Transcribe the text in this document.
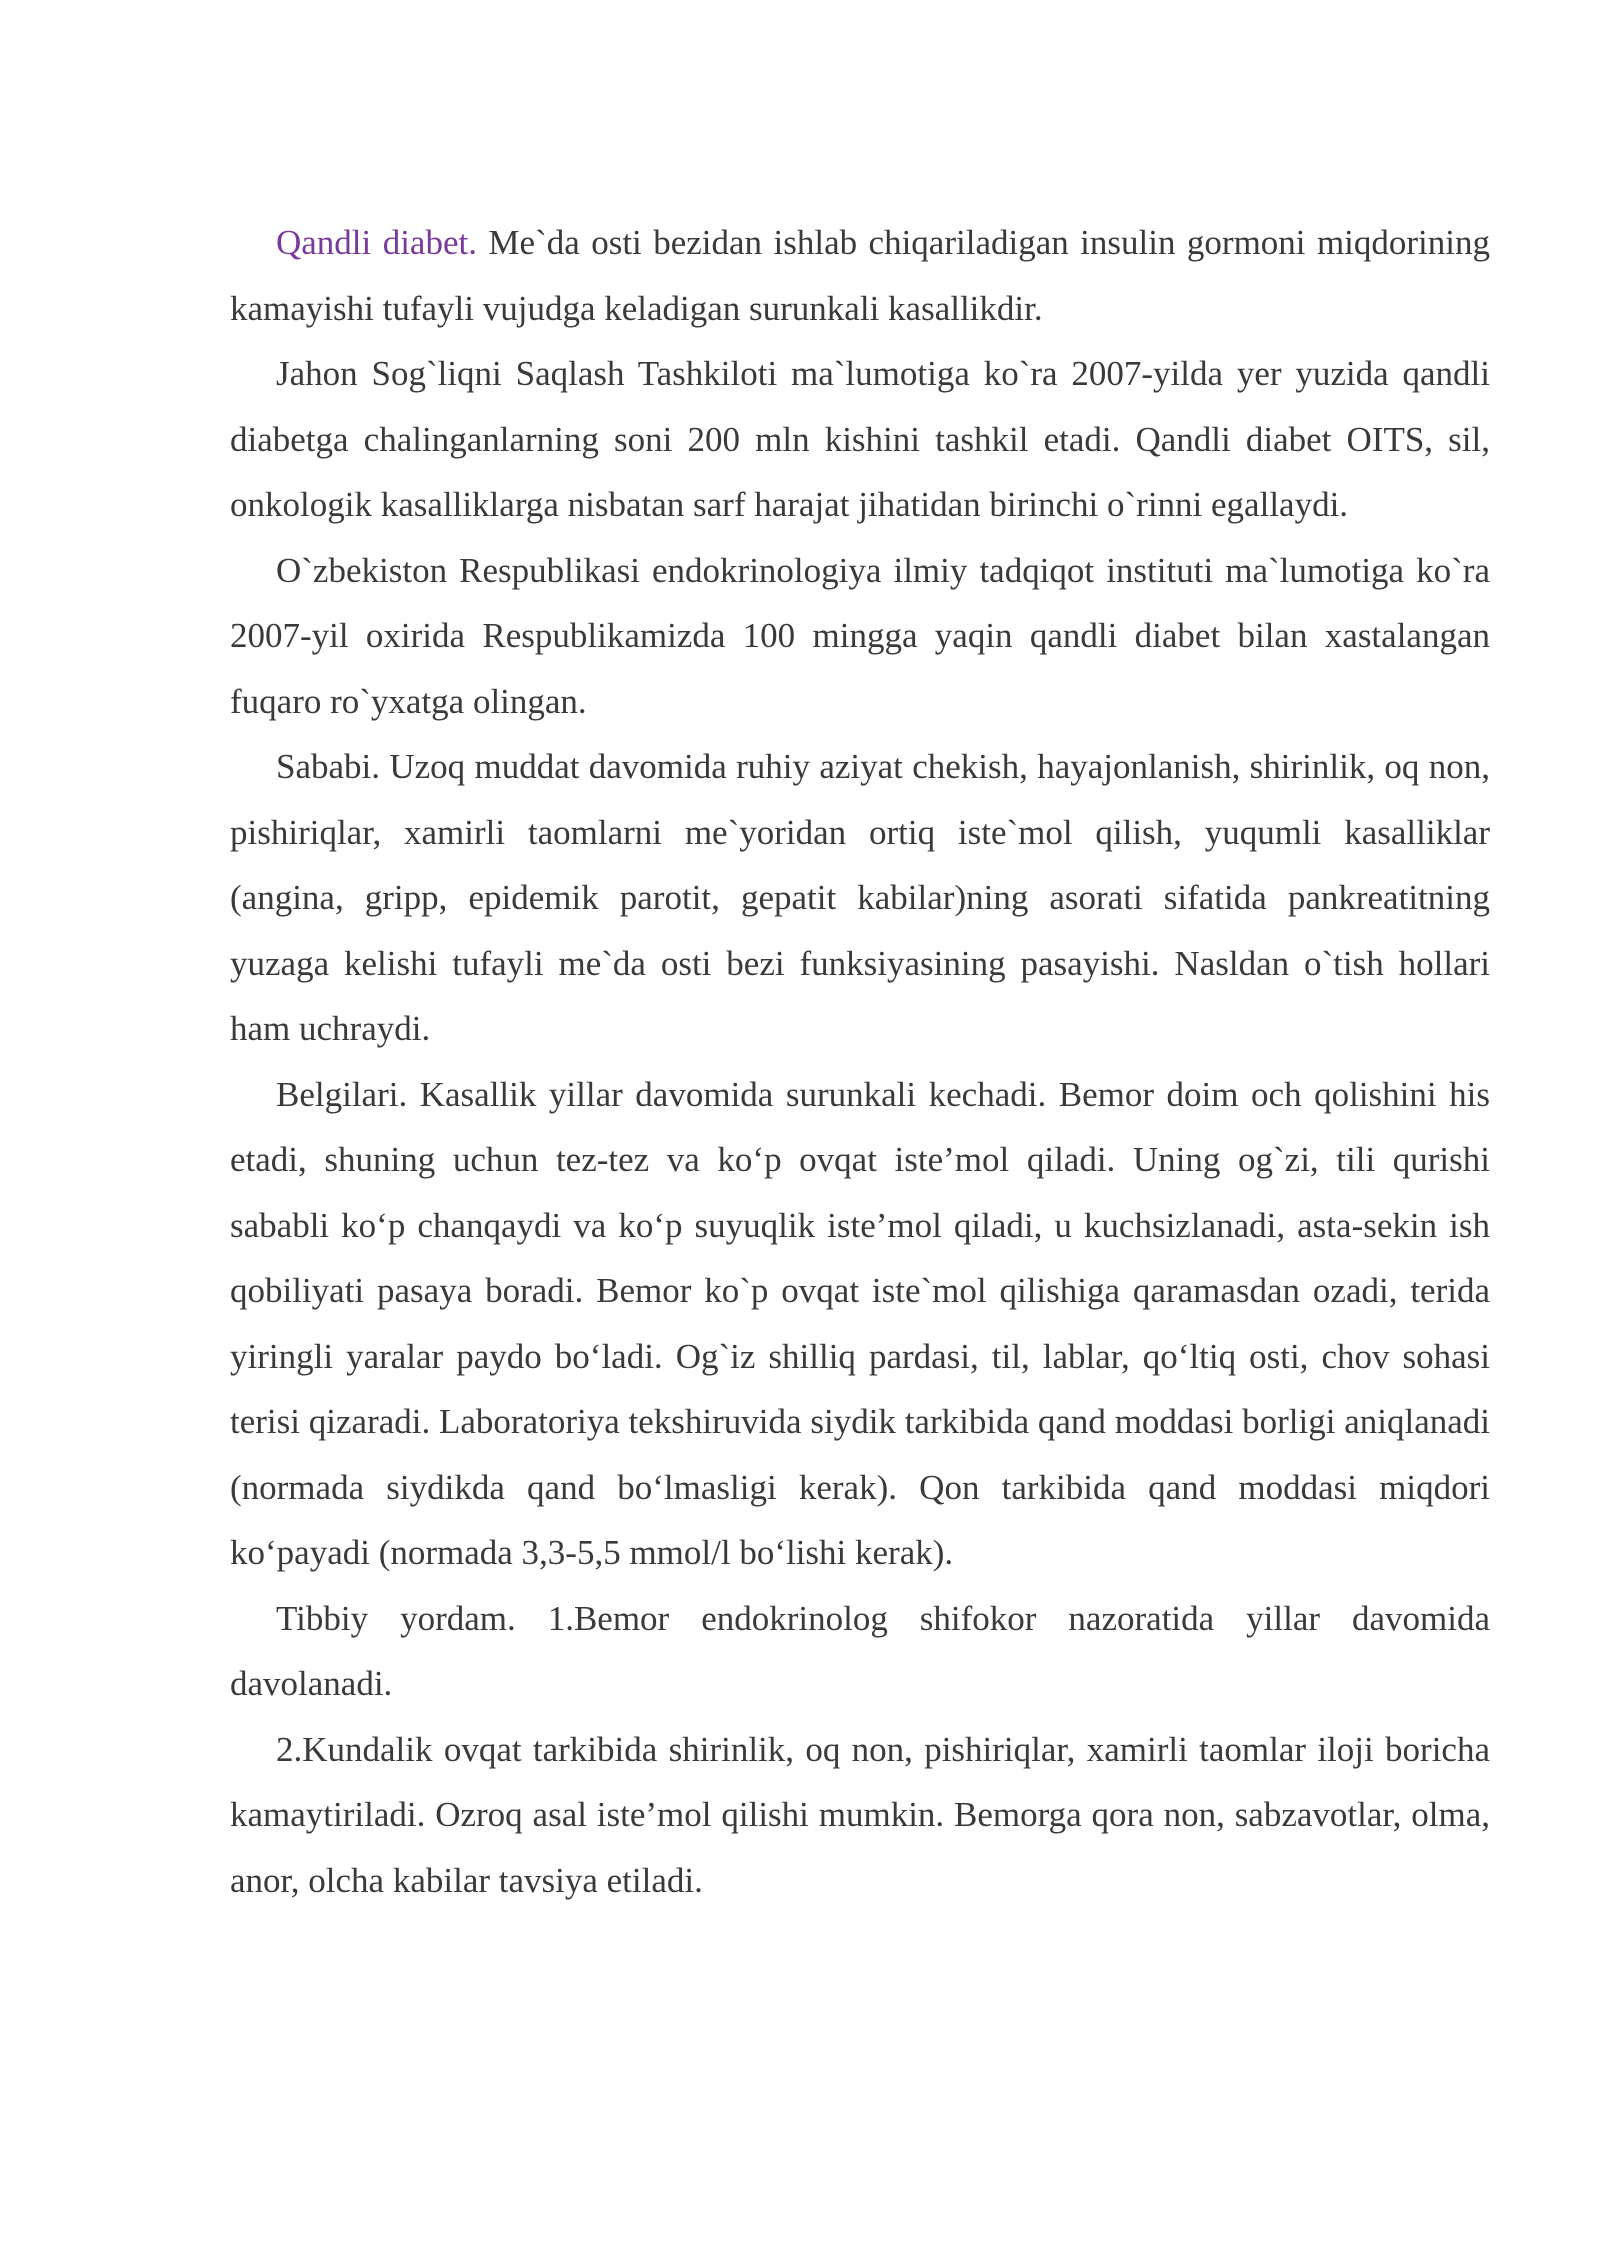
Qandli diabet. Me`da osti bezidan ishlab chiqariladigan insulin gormoni miqdorining kamayishi tufayli vujudga keladigan surunkali kasallikdir.

Jahon Sog`liqni Saqlash Tashkiloti ma`lumotiga ko`ra 2007-yilda yer yuzida qandli diabetga chalinganlarning soni 200 mln kishini tashkil etadi. Qandli diabet OITS, sil, onkologik kasalliklarga nisbatan sarf harajat jihatidan birinchi o`rinni egallaydi.

O`zbekiston Respublikasi endokrinologiya ilmiy tadqiqot instituti ma`lumotiga ko`ra 2007-yil oxirida Respublikamizda 100 mingga yaqin qandli diabet bilan xastalangan fuqaro ro`yxatga olingan.

Sababi. Uzoq muddat davomida ruhiy aziyat chekish, hayajonlanish, shirinlik, oq non, pishiriqlar, xamirli taomlarni me`yoridan ortiq iste`mol qilish, yuqumli kasalliklar (angina, gripp, epidemik parotit, gepatit kabilar)ning asorati sifatida pankreatitning yuzaga kelishi tufayli me`da osti bezi funksiyasining pasayishi. Nasldan o`tish hollari ham uchraydi.

Belgilari. Kasallik yillar davomida surunkali kechadi. Bemor doim och qolishini his etadi, shuning uchun tez-tez va ko‘p ovqat iste’mol qiladi. Uning og`zi, tili qurishi sababli ko‘p chanqaydi va ko‘p suyuqlik iste’mol qiladi, u kuchsizlanadi, asta-sekin ish qobiliyati pasaya boradi. Bemor ko`p ovqat iste`mol qilishiga qaramasdan ozadi, terida yiringli yaralar paydo bo‘ladi. Og`iz shilliq pardasi, til, lablar, qo‘ltiq osti, chov sohasi terisi qizaradi. Laboratoriya tekshiruvida siydik tarkibida qand moddasi borligi aniqlanadi (normada siydikda qand bo‘lmasligi kerak). Qon tarkibida qand moddasi miqdori ko‘payadi (normada 3,3-5,5 mmol/l bo‘lishi kerak).

Tibbiy yordam. 1.Bemor endokrinolog shifokor nazoratida yillar davomida davolanadi.

2.Kundalik ovqat tarkibida shirinlik, oq non, pishiriqlar, xamirli taomlar iloji boricha kamaytiriladi. Ozroq asal iste’mol qilishi mumkin. Bemorga qora non, sabzavotlar, olma, anor, olcha kabilar tavsiya etiladi.
